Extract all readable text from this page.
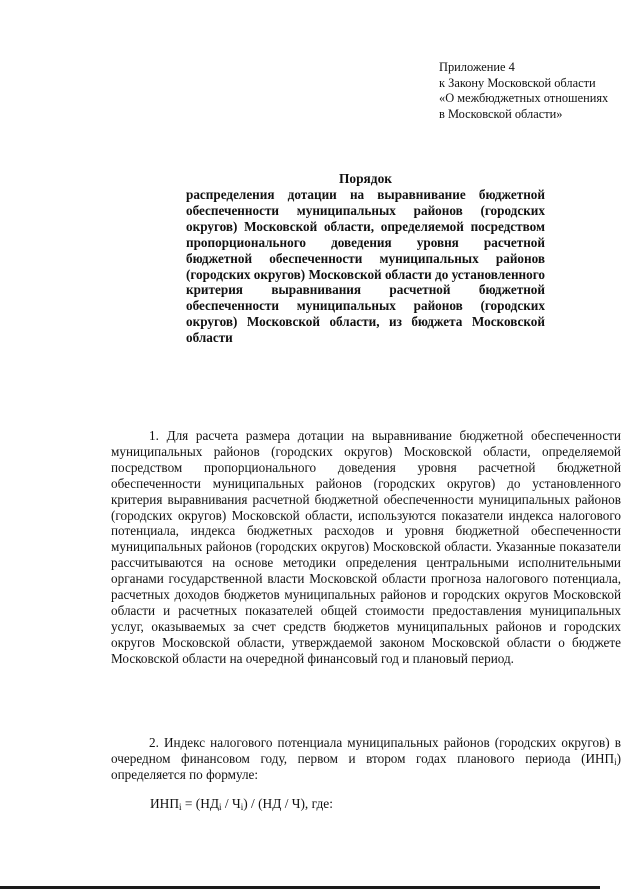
Приложение 4
к Закону Московской области
«О межбюджетных отношениях
в Московской области»
Порядок
распределения дотации на выравнивание бюджетной обеспеченности муниципальных районов (городских округов) Московской области, определяемой посредством пропорционального доведения уровня расчетной бюджетной обеспеченности муниципальных районов (городских округов) Московской области до установленного критерия выравнивания расчетной бюджетной обеспеченности муниципальных районов (городских округов) Московской области, из бюджета Московской области

1. Для расчета размера дотации на выравнивание бюджетной обеспеченности муниципальных районов (городских округов) Московской области, определяемой посредством пропорционального доведения уровня расчетной бюджетной обеспеченности муниципальных районов (городских округов) до установленного критерия выравнивания расчетной бюджетной обеспеченности муниципальных районов (городских округов) Московской области, используются показатели индекса налогового потенциала, индекса бюджетных расходов и уровня бюджетной обеспеченности муниципальных районов (городских округов) Московской области. Указанные показатели рассчитываются на основе методики определения центральными исполнительными органами государственной власти Московской области прогноза налогового потенциала, расчетных доходов бюджетов муниципальных районов и городских округов Московской области и расчетных показателей общей стоимости предоставления муниципальных услуг, оказываемых за счет средств бюджетов муниципальных районов и городских округов Московской области, утверждаемой законом Московской области о бюджете Московской области на очередной финансовый год и плановый период.

2. Индекс налогового потенциала муниципальных районов (городских округов) в очередном финансовом году, первом и втором годах планового периода $(ИНП_i)$ определяется по формуле:

$ИНП_i = (НД_i / Ч_i) / (НД / Ч)$, где:
